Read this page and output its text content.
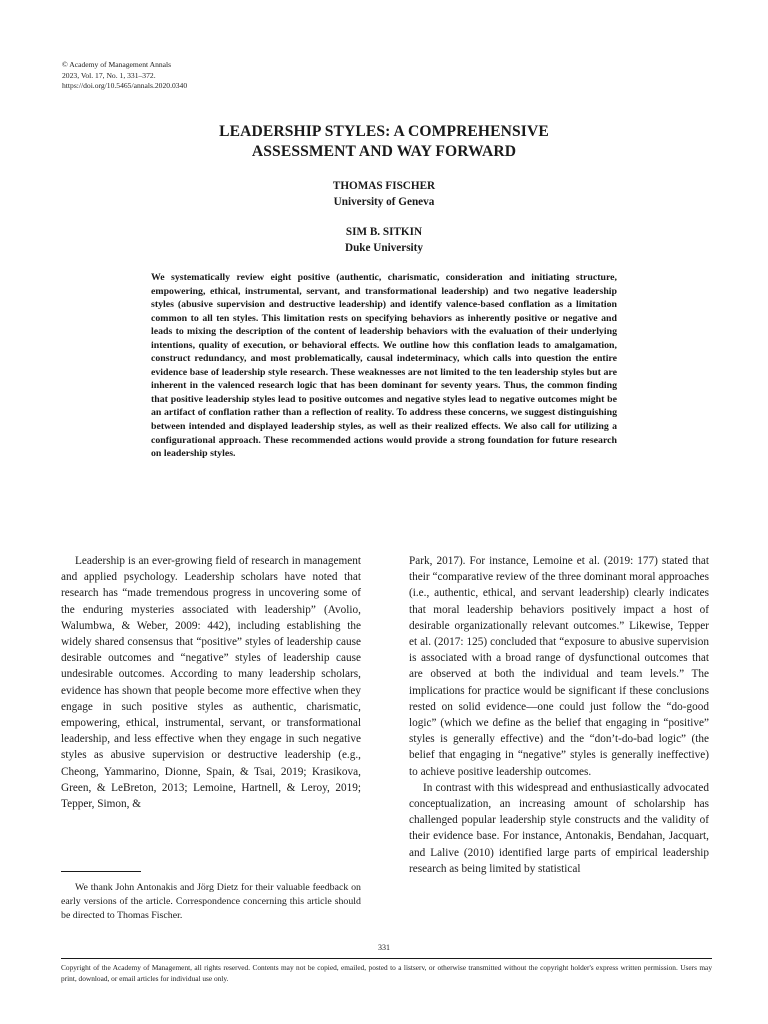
© Academy of Management Annals
2023, Vol. 17, No. 1, 331–372.
https://doi.org/10.5465/annals.2020.0340
LEADERSHIP STYLES: A COMPREHENSIVE
ASSESSMENT AND WAY FORWARD
THOMAS FISCHER
University of Geneva
SIM B. SITKIN
Duke University
We systematically review eight positive (authentic, charismatic, consideration and initiating structure, empowering, ethical, instrumental, servant, and transformational leadership) and two negative leadership styles (abusive supervision and destructive leadership) and identify valence-based conflation as a limitation common to all ten styles. This limitation rests on specifying behaviors as inherently positive or negative and leads to mixing the description of the content of leadership behaviors with the evaluation of their underlying intentions, quality of execution, or behavioral effects. We outline how this conflation leads to amalgamation, construct redundancy, and most problematically, causal indeterminacy, which calls into question the entire evidence base of leadership style research. These weaknesses are not limited to the ten leadership styles but are inherent in the valenced research logic that has been dominant for seventy years. Thus, the common finding that positive leadership styles lead to positive outcomes and negative styles lead to negative outcomes might be an artifact of conflation rather than a reflection of reality. To address these concerns, we suggest distinguishing between intended and displayed leadership styles, as well as their realized effects. We also call for utilizing a configurational approach. These recommended actions would provide a strong foundation for future research on leadership styles.

Leadership is an ever-growing field of research in management and applied psychology. Leadership scholars have noted that research has “made tremendous progress in uncovering some of the enduring mysteries associated with leadership” (Avolio, Walumbwa, & Weber, 2009: 442), including establishing the widely shared consensus that “positive” styles of leadership cause desirable outcomes and “negative” styles of leadership cause undesirable outcomes. According to many leadership scholars, evidence has shown that people become more effective when they engage in such positive styles as authentic, charismatic, empowering, ethical, instrumental, servant, or transformational leadership, and less effective when they engage in such negative styles as abusive supervision or destructive leadership (e.g., Cheong, Yammarino, Dionne, Spain, & Tsai, 2019; Krasikova, Green, & LeBreton, 2013; Lemoine, Hartnell, & Leroy, 2019; Tepper, Simon, &

Park, 2017). For instance, Lemoine et al. (2019: 177) stated that their “comparative review of the three dominant moral approaches (i.e., authentic, ethical, and servant leadership) clearly indicates that moral leadership behaviors positively impact a host of desirable organizationally relevant outcomes.” Likewise, Tepper et al. (2017: 125) concluded that “exposure to abusive supervision is associated with a broad range of dysfunctional outcomes that are observed at both the individual and team levels.” The implications for practice would be significant if these conclusions rested on solid evidence—one could just follow the “do-good logic” (which we define as the belief that engaging in “positive” styles is generally effective) and the “don’t-do-bad logic” (the belief that engaging in “negative” styles is generally ineffective) to achieve positive leadership outcomes.

In contrast with this widespread and enthusiastically advocated conceptualization, an increasing amount of scholarship has challenged popular leadership style constructs and the validity of their evidence base. For instance, Antonakis, Bendahan, Jacquart, and Lalive (2010) identified large parts of empirical leadership research as being limited by statistical

We thank John Antonakis and Jörg Dietz for their valuable feedback on early versions of the article. Correspondence concerning this article should be directed to Thomas Fischer.

331
Copyright of the Academy of Management, all rights reserved. Contents may not be copied, emailed, posted to a listserv, or otherwise transmitted without the copyright holder's express written permission. Users may print, download, or email articles for individual use only.
